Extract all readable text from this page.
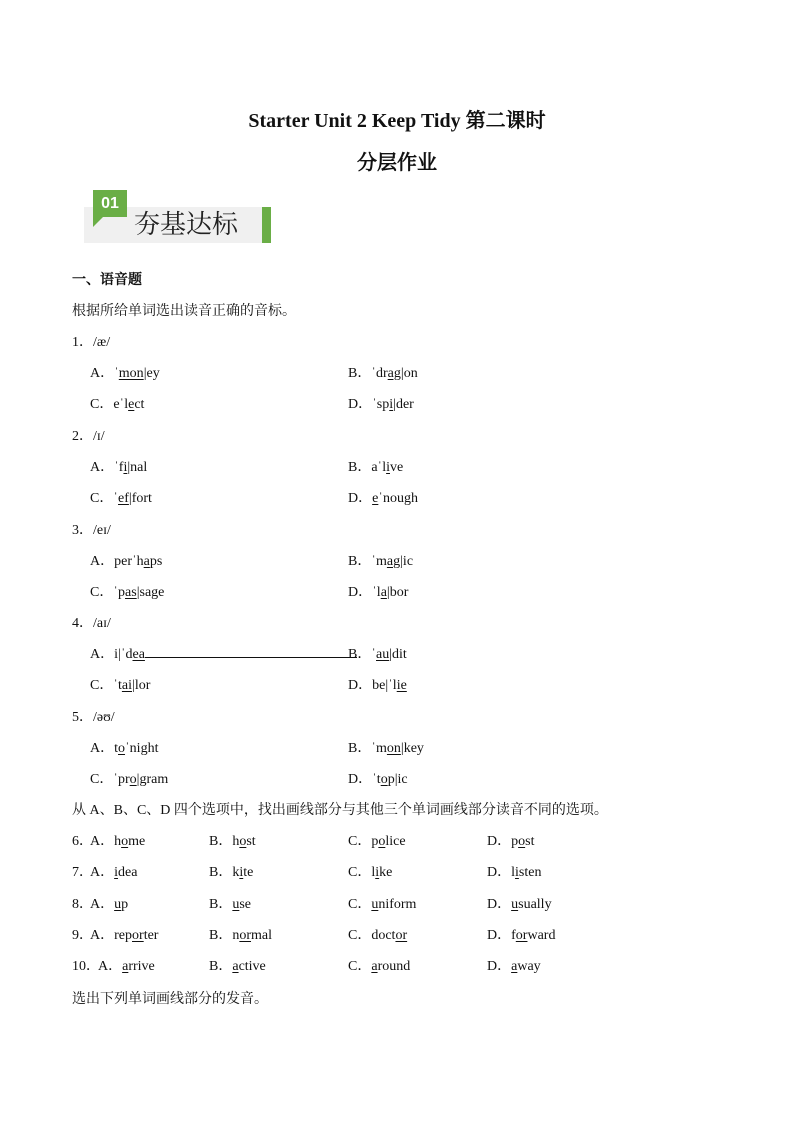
Starter Unit 2 Keep Tidy 第二课时
分层作业
01
夯基达标
一、语音题
根据所给单词选出读音正确的音标。
1．/æ/
A．ˈmon|ey	B．ˈdrag|on
C．eˈlect	D．ˈspi|der
2．/ɪ/
A．ˈfi|nal	B．aˈlive
C．ˈef|fort	D．eˈnough
3．/eɪ/
A．perˈhaps	B．ˈmag|ic
C．ˈpas|sage	D．ˈla|bor
4．/aɪ/
A．i|ˈdea	B．ˈau|dit
C．ˈtai|lor	D．be|ˈlie
5．/əʊ/
A．toˈnight	B．ˈmon|key
C．ˈpro|gram	D．ˈtop|ic
从 A、B、C、D 四个选项中，找出画线部分与其他三个单词画线部分读音不同的选项。
6．
A．home	B．host	C．police	D．post
7．
A．idea	B．kite	C．like	D．listen
8．
A．up	B．use	C．uniform	D．usually
9．
A．reporter	B．normal	C．doctor	D．forward
10．
A．arrive	B．active	C．around	D．away
选出下列单词画线部分的发音。
